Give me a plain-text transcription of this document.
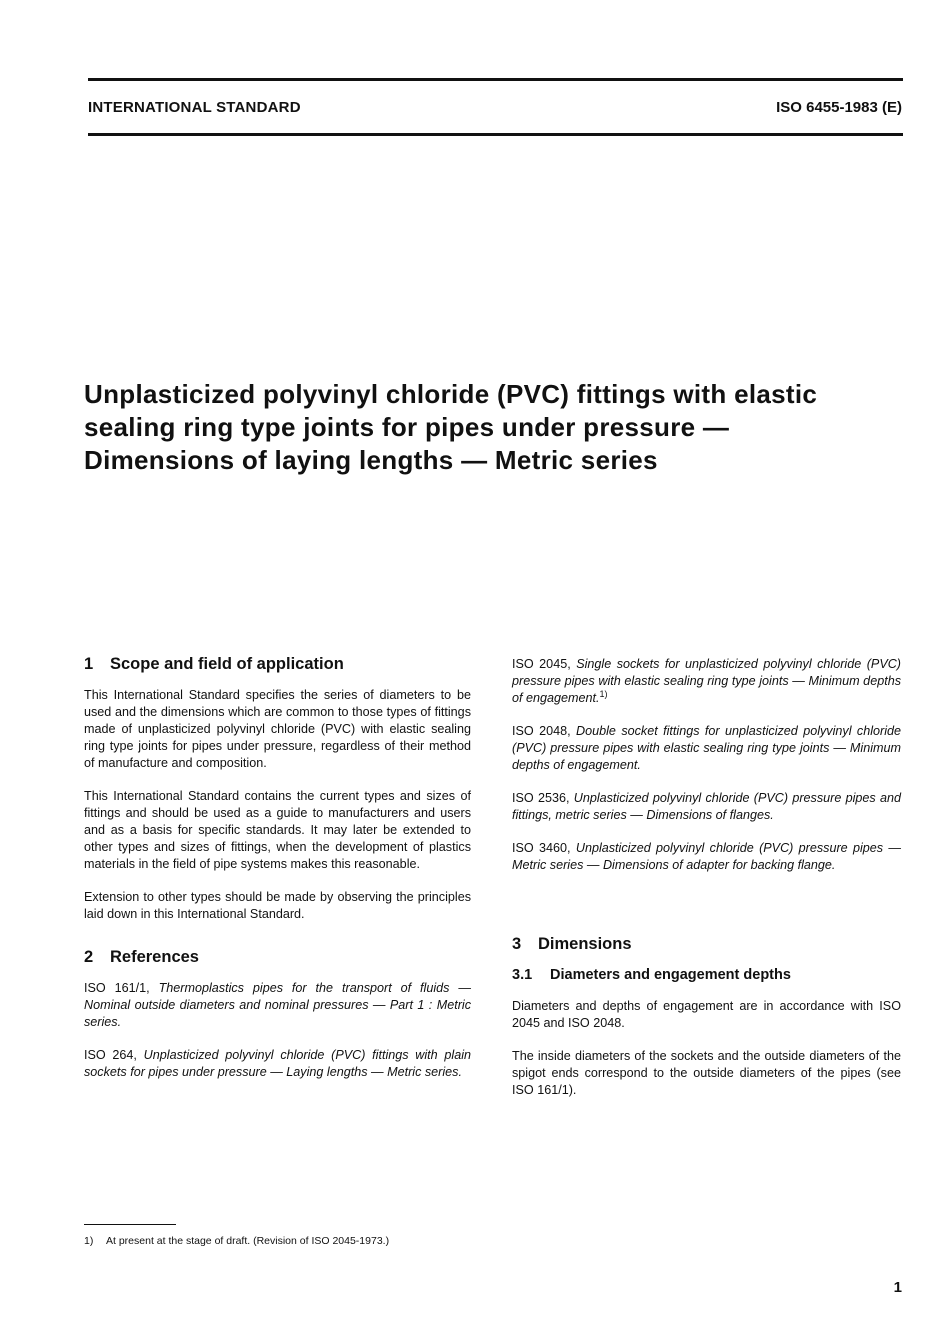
INTERNATIONAL STANDARD	ISO 6455-1983 (E)
Unplasticized polyvinyl chloride (PVC) fittings with elastic
sealing ring type joints for pipes under pressure —
Dimensions of laying lengths — Metric series
1 Scope and field of application

This International Standard specifies the series of diameters to be used and the dimensions which are common to those types of fittings made of unplasticized polyvinyl chloride (PVC) with elastic sealing ring type joints for pipes under pressure, regardless of their method of manufacture and composition.

This International Standard contains the current types and sizes of fittings and should be used as a guide to manufacturers and users and as a basis for specific standards. It may later be extended to other types and sizes of fittings, when the development of plastics materials in the field of pipe systems makes this reasonable.

Extension to other types should be made by observing the principles laid down in this International Standard.

2 References

ISO 161/1, Thermoplastics pipes for the transport of fluids — Nominal outside diameters and nominal pressures — Part 1 : Metric series.

ISO 264, Unplasticized polyvinyl chloride (PVC) fittings with plain sockets for pipes under pressure — Laying lengths — Metric series.

ISO 2045, Single sockets for unplasticized polyvinyl chloride (PVC) pressure pipes with elastic sealing ring type joints — Minimum depths of engagement.$^{1)}$

ISO 2048, Double socket fittings for unplasticized polyvinyl chloride (PVC) pressure pipes with elastic sealing ring type joints — Minimum depths of engagement.

ISO 2536, Unplasticized polyvinyl chloride (PVC) pressure pipes and fittings, metric series — Dimensions of flanges.

ISO 3460, Unplasticized polyvinyl chloride (PVC) pressure pipes — Metric series — Dimensions of adapter for backing flange.

3 Dimensions
3.1 Diameters and engagement depths

Diameters and depths of engagement are in accordance with ISO 2045 and ISO 2048.

The inside diameters of the sockets and the outside diameters of the spigot ends correspond to the outside diameters of the pipes (see ISO 161/1).

1) At present at the stage of draft. (Revision of ISO 2045-1973.)
1
